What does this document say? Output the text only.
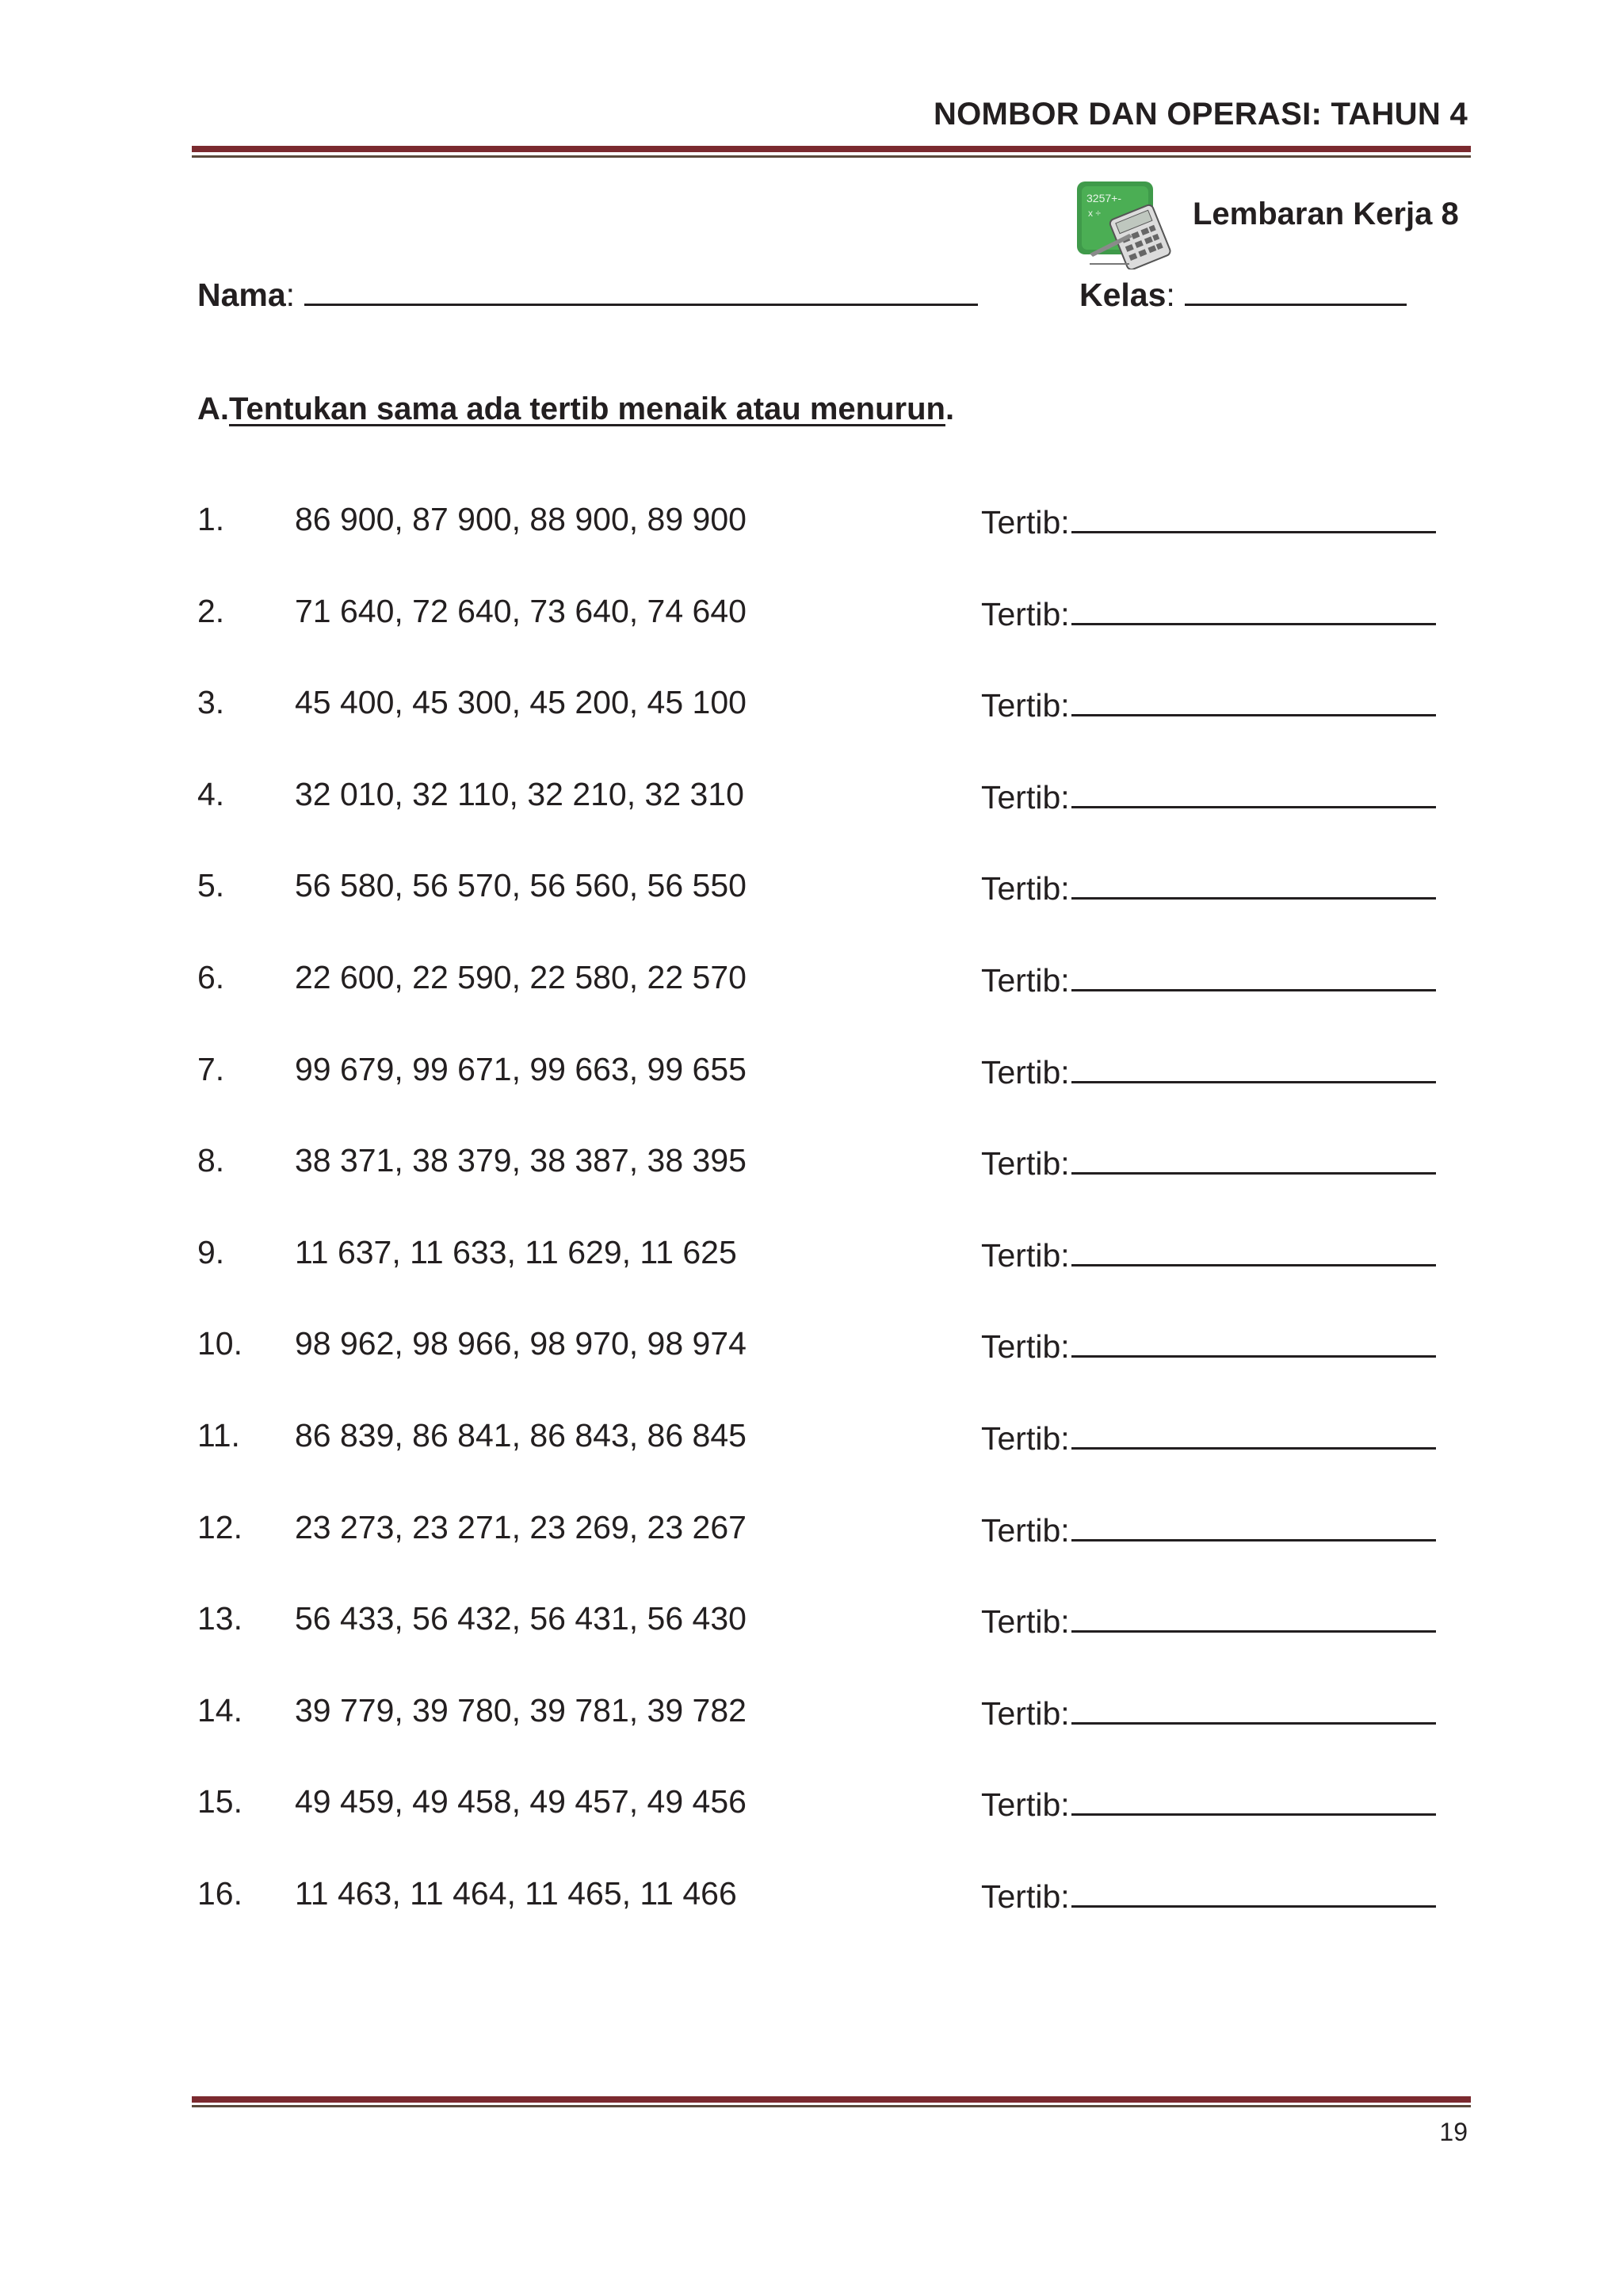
NOMBOR DAN OPERASI: TAHUN 4
3257+-
x ÷	Lembaran Kerja 8
Nama:	Kelas:
A.Tentukan sama ada tertib menaik atau menurun.
1. 86 900, 87 900, 88 900, 89 900	Tertib:
2. 71 640, 72 640, 73 640, 74 640	Tertib:
3. 45 400, 45 300, 45 200, 45 100	Tertib:
4. 32 010, 32 110, 32 210, 32 310	Tertib:
5. 56 580, 56 570, 56 560, 56 550	Tertib:
6. 22 600, 22 590, 22 580, 22 570	Tertib:
7. 99 679, 99 671, 99 663, 99 655	Tertib:
8. 38 371, 38 379, 38 387, 38 395	Tertib:
9. 11 637, 11 633, 11 629, 11 625	Tertib:
10. 98 962, 98 966, 98 970, 98 974	Tertib:
11. 86 839, 86 841, 86 843, 86 845	Tertib:
12. 23 273, 23 271, 23 269, 23 267	Tertib:
13. 56 433, 56 432, 56 431, 56 430	Tertib:
14. 39 779, 39 780, 39 781, 39 782	Tertib:
15. 49 459, 49 458, 49 457, 49 456	Tertib:
16. 11 463, 11 464, 11 465, 11 466	Tertib:
19
